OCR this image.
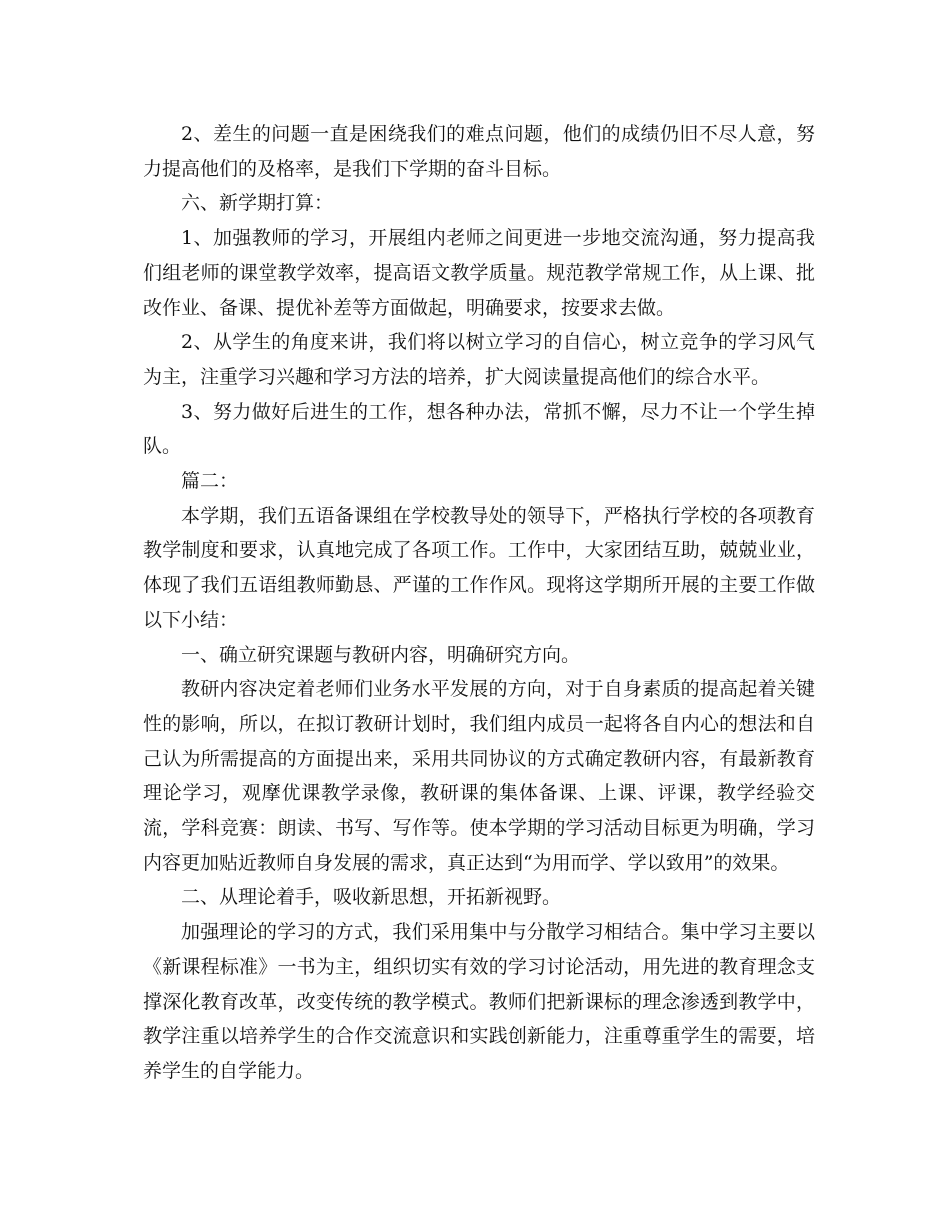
2、差生的问题一直是困绕我们的难点问题，他们的成绩仍旧不尽人意，努力提高他们的及格率，是我们下学期的奋斗目标。

六、新学期打算：

1、加强教师的学习，开展组内老师之间更进一步地交流沟通，努力提高我们组老师的课堂教学效率，提高语文教学质量。规范教学常规工作，从上课、批改作业、备课、提优补差等方面做起，明确要求，按要求去做。

2、从学生的角度来讲，我们将以树立学习的自信心，树立竞争的学习风气为主，注重学习兴趣和学习方法的培养，扩大阅读量提高他们的综合水平。

3、努力做好后进生的工作，想各种办法，常抓不懈，尽力不让一个学生掉队。

篇二：

本学期，我们五语备课组在学校教导处的领导下，严格执行学校的各项教育教学制度和要求，认真地完成了各项工作。工作中，大家团结互助，兢兢业业，体现了我们五语组教师勤恳、严谨的工作作风。现将这学期所开展的主要工作做以下小结：

一、确立研究课题与教研内容，明确研究方向。

教研内容决定着老师们业务水平发展的方向，对于自身素质的提高起着关键性的影响，所以，在拟订教研计划时，我们组内成员一起将各自内心的想法和自己认为所需提高的方面提出来，采用共同协议的方式确定教研内容，有最新教育理论学习，观摩优课教学录像，教研课的集体备课、上课、评课，教学经验交流，学科竞赛：朗读、书写、写作等。使本学期的学习活动目标更为明确，学习内容更加贴近教师自身发展的需求，真正达到“为用而学、学以致用”的效果。

二、从理论着手，吸收新思想，开拓新视野。

加强理论的学习的方式，我们采用集中与分散学习相结合。集中学习主要以《新课程标准》一书为主，组织切实有效的学习讨论活动，用先进的教育理念支撑深化教育改革，改变传统的教学模式。教师们把新课标的理念渗透到教学中，教学注重以培养学生的合作交流意识和实践创新能力，注重尊重学生的需要，培养学生的自学能力。
